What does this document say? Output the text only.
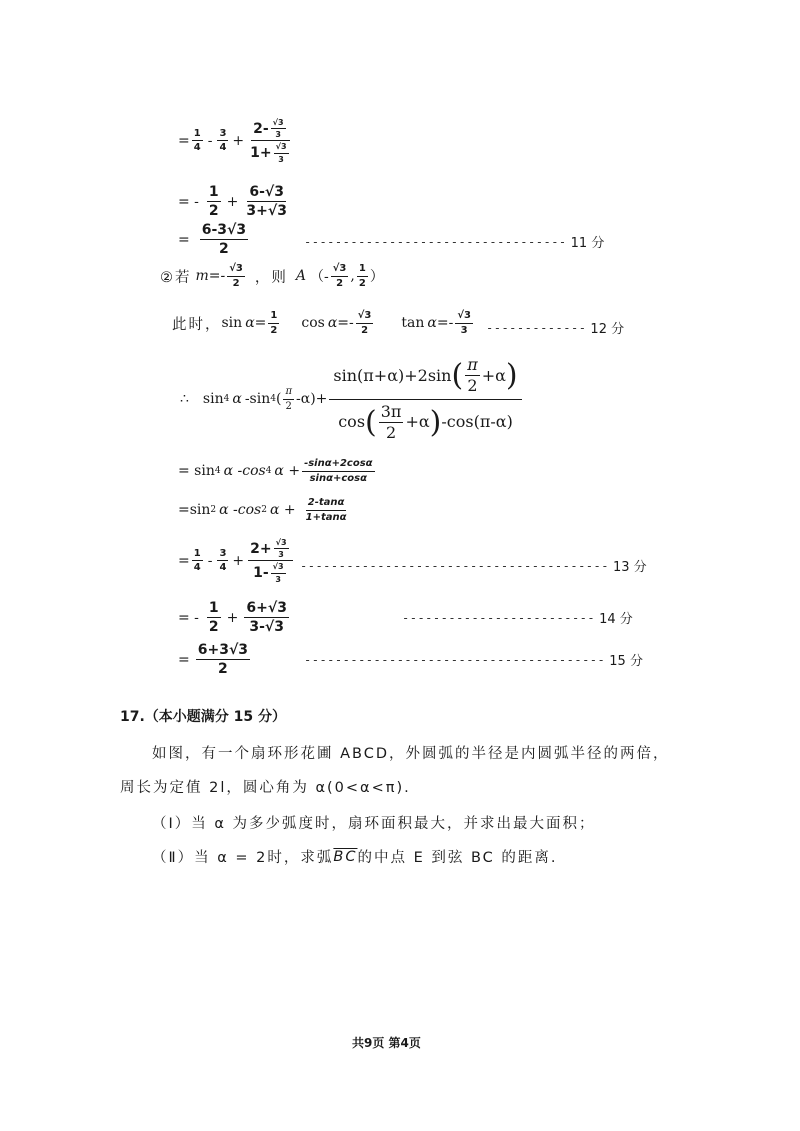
= $\frac{1}{4} - \frac{3}{4} + \frac{2- \frac{√3}{3}}{1+ \frac{√3}{3}}$
= - $\frac{1}{2} + \frac{6-√3}{3+√3}$
= $\frac{6-3√3}{2}$	---------------------------------- 11 分
②若 $m=- \frac{√3}{2}$ ，则 A （- $\frac{√3}{2}$ , $\frac{1}{2}$ ）
此时， $\sin \alpha = \frac{1}{2}$ $\cos \alpha =- \frac{√3}{2}$ $\tan \alpha =- \frac{√3}{3}$ ------------- 12 分
∴ sin 4 α -sin 4 ( $\frac{\pi}{2} -\alpha)+ \frac{\sin(\pi+\alpha)+2\sin ( \frac{\pi}{2} +\alpha )}{\cos ( \frac{3\pi}{2} +\alpha ) -\cos(\pi-\alpha)}$
= sin 4 α -cos 4 $\alpha + \frac{-\sin\alpha+2\cos\alpha}{\sin\alpha+\cos\alpha}$
=sin 2 α -cos 2 $\alpha + \frac{2-\tan\alpha}{1+\tan\alpha}$
= $\frac{1}{4} - \frac{3}{4} + \frac{2+ \frac{√3}{3}}{1- \frac{√3}{3}}$ ---------------------------------------- 13 分
= - $\frac{1}{2} + \frac{6+√3}{3-√3}$	------------------------- 14 分
= $\frac{6+3√3}{2}$	--------------------------------------- 15 分
17.（本小题满分 15 分）
如图，有一个扇环形花圃 ABCD，外圆弧的半径是内圆弧半径的两倍，
周长为定值 2l，圆心角为 α(0<α<π).
（Ⅰ）当 α 为多少弧度时，扇环面积最大，并求出最大面积；
（Ⅱ）当 α = 2时，求弧 $\overline{BC}$ 的中点 E 到弦 BC 的距离.
共9页 第4页
